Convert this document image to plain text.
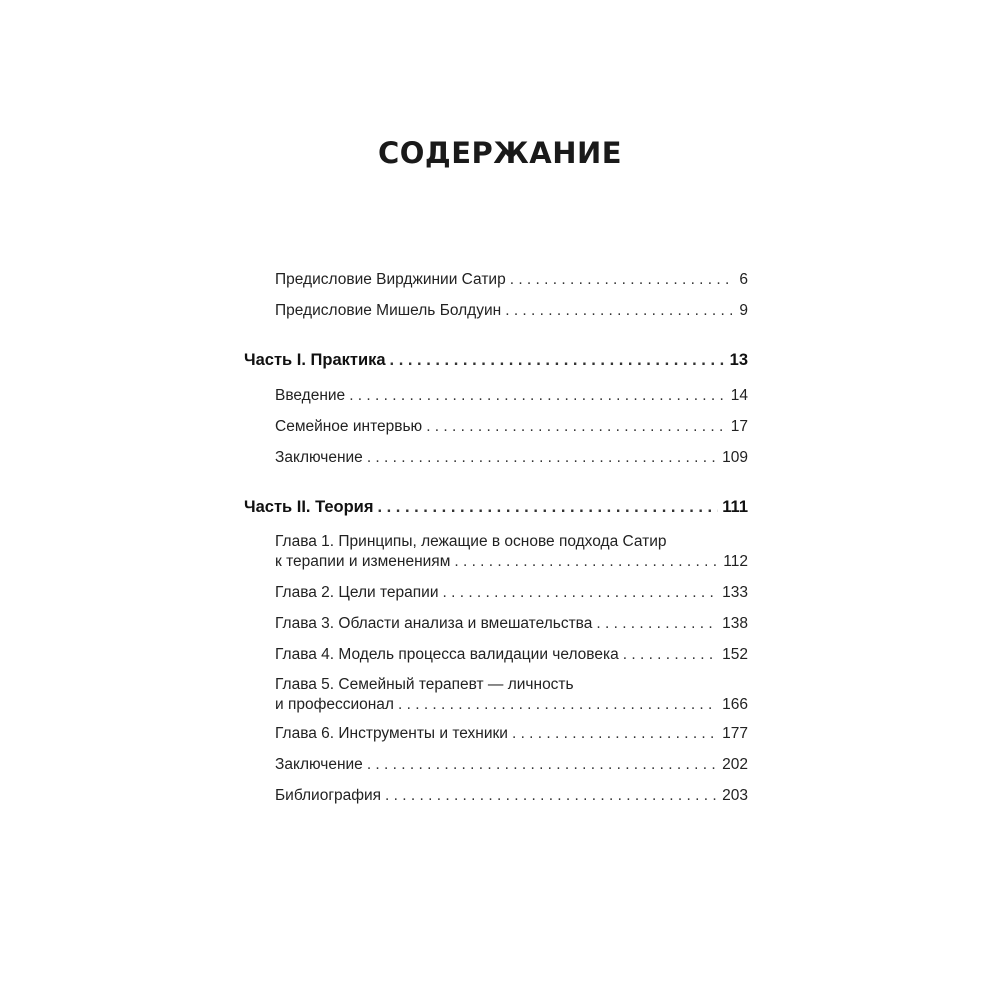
СОДЕРЖАНИЕ
Предисловие Вирджинии Сатир . . .	6
Предисловие Мишель Болдуин . . .	9
Часть I. Практика . . .	13
Введение . . .	14
Семейное интервью . . .	17
Заключение . . .	109
Часть II. Теория . . .	111
Глава 1. Принципы, лежащие в основе подхода Сатир
к терапии и изменениям . . .	112
Глава 2. Цели терапии . . .	133
Глава 3. Области анализа и вмешательства . . .	138
Глава 4. Модель процесса валидации человека . . .	152
Глава 5. Семейный терапевт — личность
и профессионал . . .	166
Глава 6. Инструменты и техники . . .	177
Заключение . . .	202
Библиография . . .	203
